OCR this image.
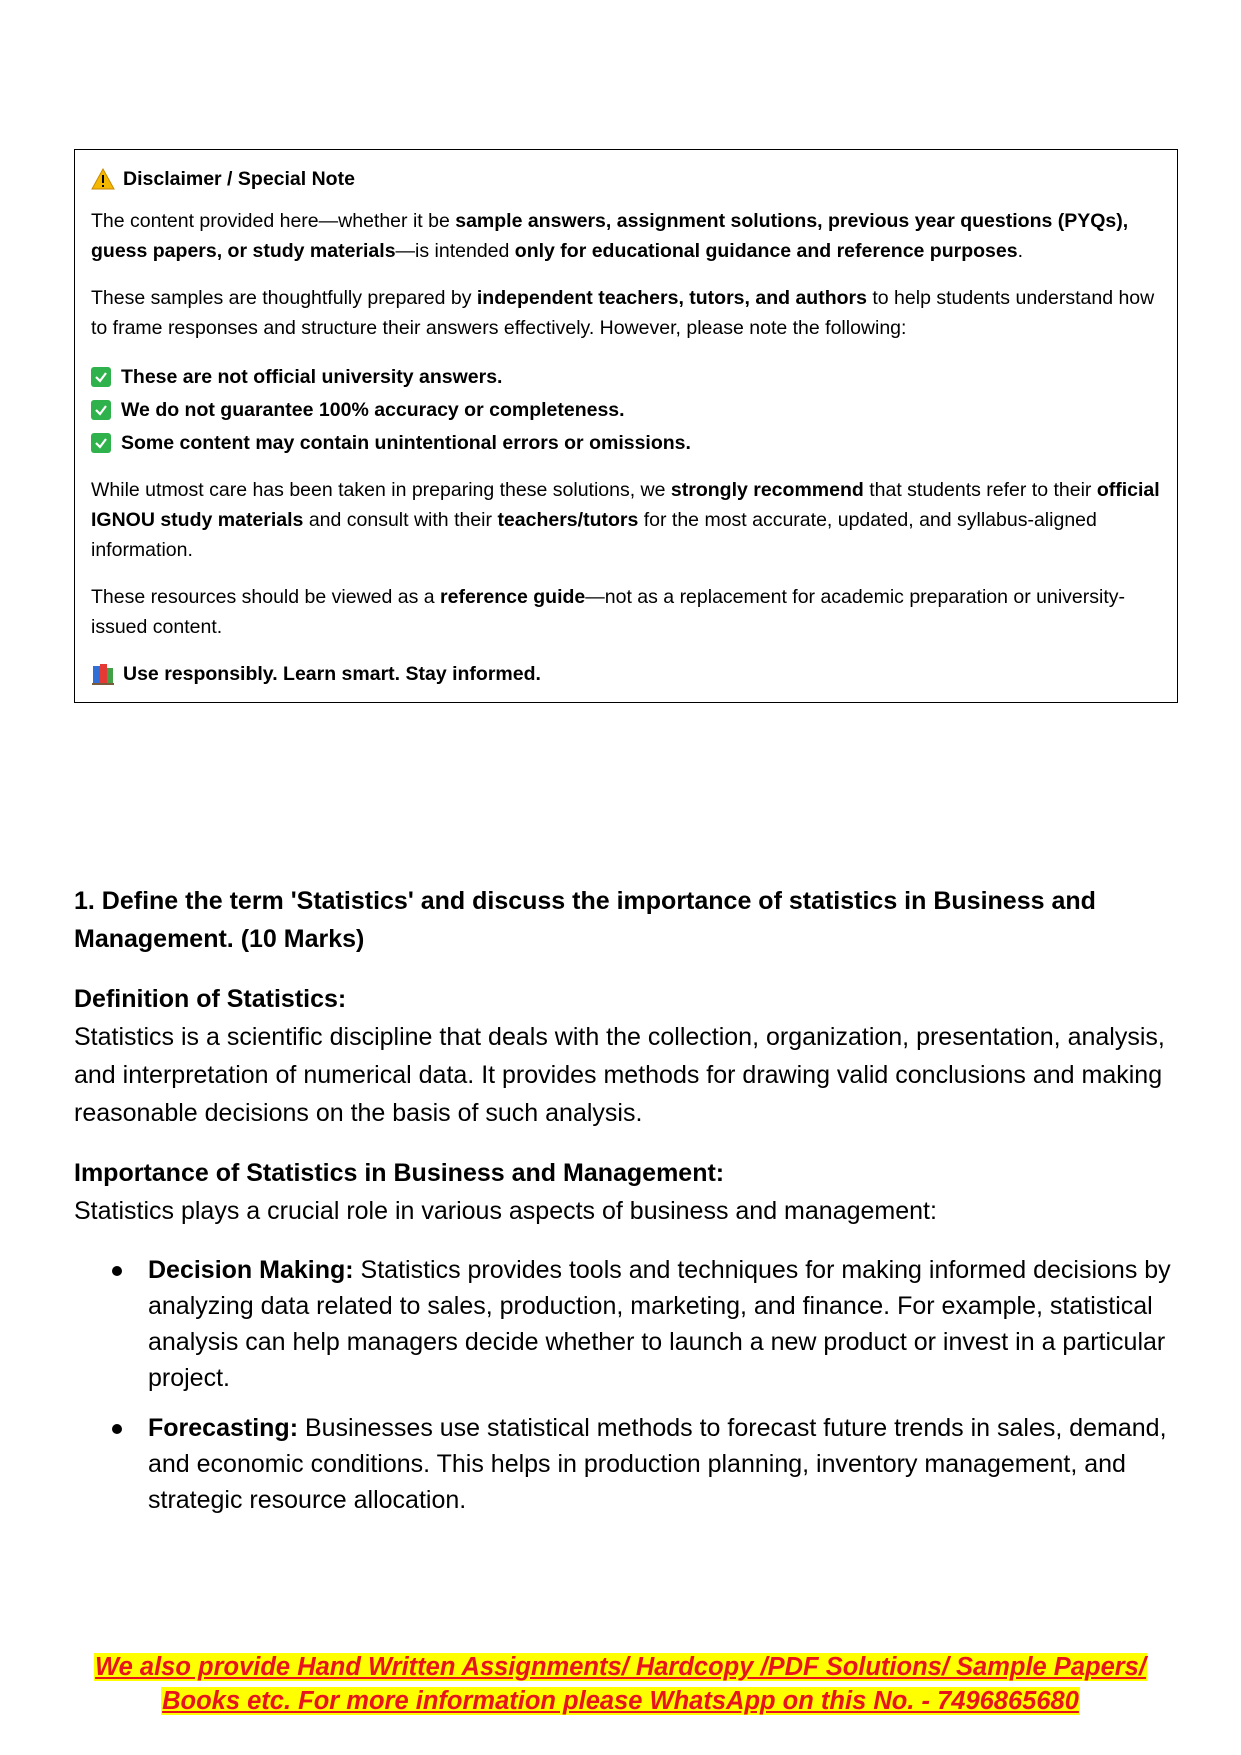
Disclaimer / Special Note

The content provided here—whether it be sample answers, assignment solutions, previous year questions (PYQs), guess papers, or study materials—is intended only for educational guidance and reference purposes.

These samples are thoughtfully prepared by independent teachers, tutors, and authors to help students understand how to frame responses and structure their answers effectively. However, please note the following:

These are not official university answers.
We do not guarantee 100% accuracy or completeness.
Some content may contain unintentional errors or omissions.

While utmost care has been taken in preparing these solutions, we strongly recommend that students refer to their official IGNOU study materials and consult with their teachers/tutors for the most accurate, updated, and syllabus-aligned information.

These resources should be viewed as a reference guide—not as a replacement for academic preparation or university-issued content.

Use responsibly. Learn smart. Stay informed.

1. Define the term 'Statistics' and discuss the importance of statistics in Business and Management. (10 Marks)

Definition of Statistics:

Statistics is a scientific discipline that deals with the collection, organization, presentation, analysis, and interpretation of numerical data. It provides methods for drawing valid conclusions and making reasonable decisions on the basis of such analysis.

Importance of Statistics in Business and Management:

Statistics plays a crucial role in various aspects of business and management:

Decision Making: Statistics provides tools and techniques for making informed decisions by analyzing data related to sales, production, marketing, and finance. For example, statistical analysis can help managers decide whether to launch a new product or invest in a particular project.
Forecasting: Businesses use statistical methods to forecast future trends in sales, demand, and economic conditions. This helps in production planning, inventory management, and strategic resource allocation.
We also provide Hand Written Assignments/ Hardcopy /PDF Solutions/ Sample Papers/
Books etc. For more information please WhatsApp on this No. - 7496865680
